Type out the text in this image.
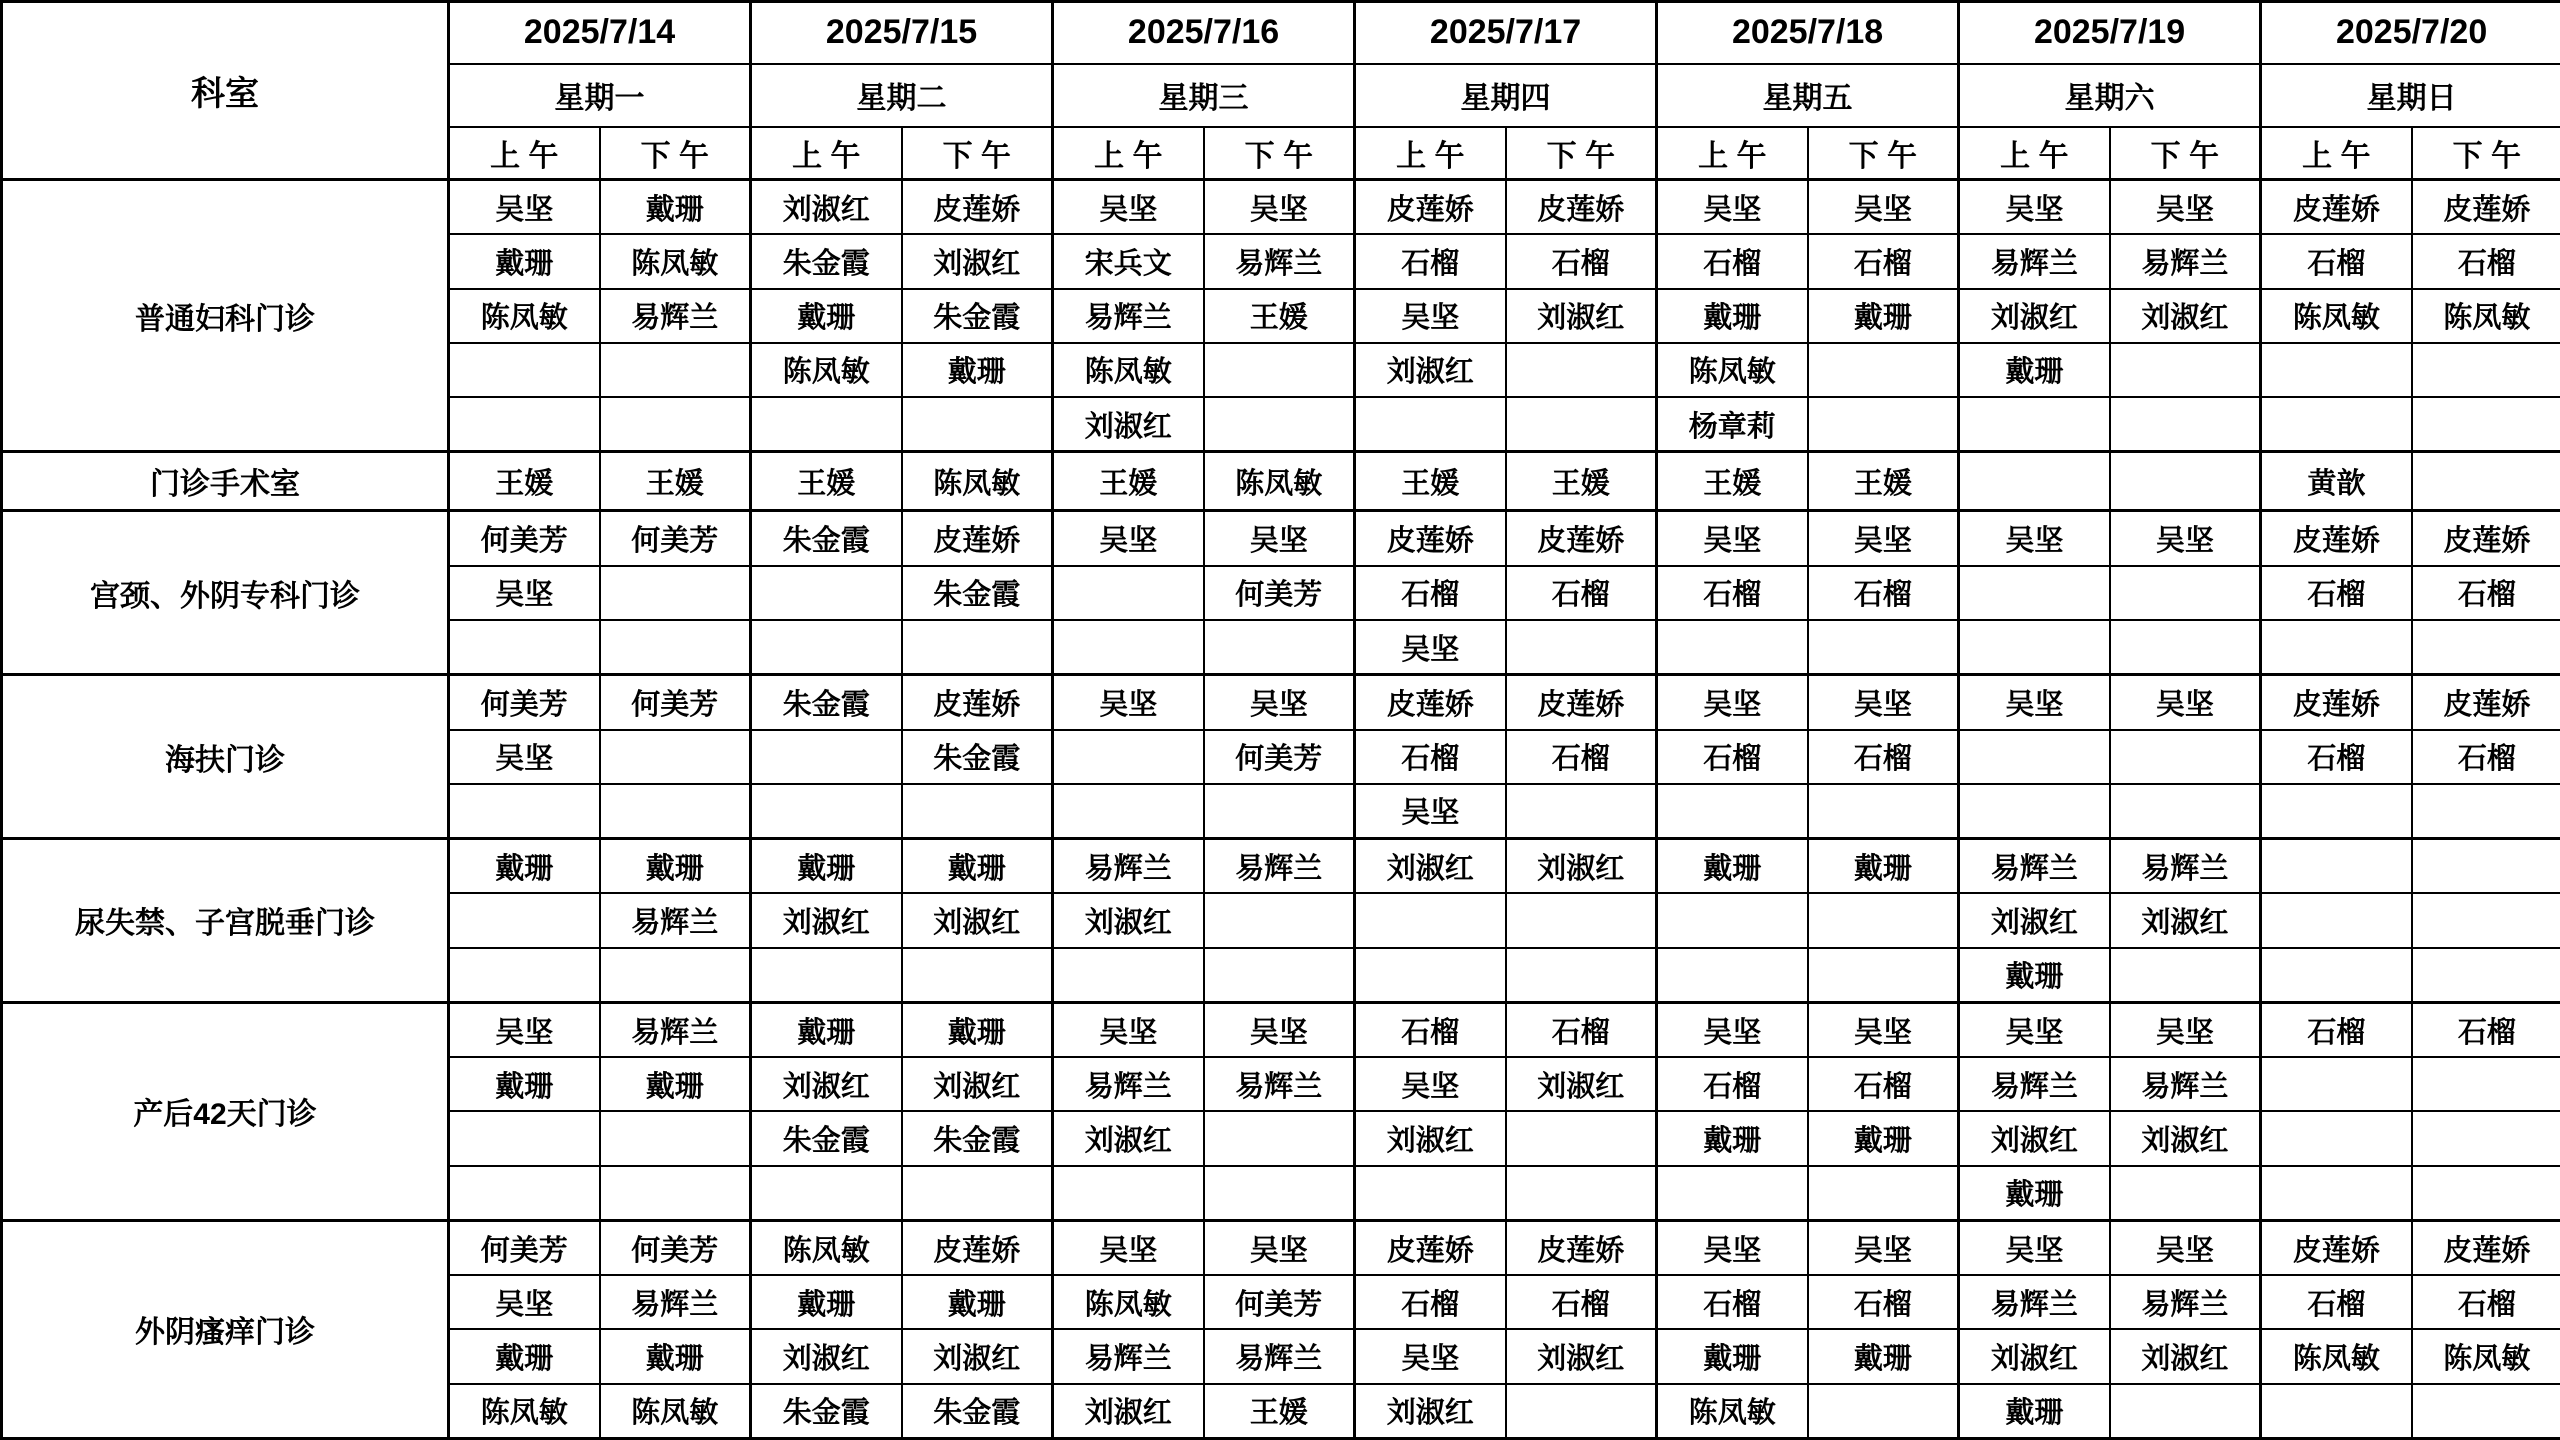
科室	2025/7/14		2025/7/15		2025/7/16		2025/7/17		2025/7/18		2025/7/19		2025/7/20	
	星期一		星期二		星期三		星期四		星期五		星期六		星期日	
	上 午	下 午	上 午	下 午	上 午	下 午	上 午	下 午	上 午	下 午	上 午	下 午	上 午	下 午
普通妇科门诊	吴坚	戴珊	刘淑红	皮莲娇	吴坚	吴坚	皮莲娇	皮莲娇	吴坚	吴坚	吴坚	吴坚	皮莲娇	皮莲娇
	戴珊	陈凤敏	朱金霞	刘淑红	宋兵文	易辉兰	石榴	石榴	石榴	石榴	易辉兰	易辉兰	石榴	石榴
	陈凤敏	易辉兰	戴珊	朱金霞	易辉兰	王媛	吴坚	刘淑红	戴珊	戴珊	刘淑红	刘淑红	陈凤敏	陈凤敏
			陈凤敏	戴珊	陈凤敏		刘淑红		陈凤敏		戴珊			
					刘淑红				杨章莉					
门诊手术室	王媛	王媛	王媛	陈凤敏	王媛	陈凤敏	王媛	王媛	王媛	王媛			黄歆	
宫颈、外阴专科门诊	何美芳	何美芳	朱金霞	皮莲娇	吴坚	吴坚	皮莲娇	皮莲娇	吴坚	吴坚	吴坚	吴坚	皮莲娇	皮莲娇
	吴坚			朱金霞		何美芳	石榴	石榴	石榴	石榴			石榴	石榴
							吴坚							
海扶门诊	何美芳	何美芳	朱金霞	皮莲娇	吴坚	吴坚	皮莲娇	皮莲娇	吴坚	吴坚	吴坚	吴坚	皮莲娇	皮莲娇
	吴坚			朱金霞		何美芳	石榴	石榴	石榴	石榴			石榴	石榴
							吴坚							
尿失禁、子宫脱垂门诊	戴珊	戴珊	戴珊	戴珊	易辉兰	易辉兰	刘淑红	刘淑红	戴珊	戴珊	易辉兰	易辉兰		
		易辉兰	刘淑红	刘淑红	刘淑红						刘淑红	刘淑红		
											戴珊			
产后42天门诊	吴坚	易辉兰	戴珊	戴珊	吴坚	吴坚	石榴	石榴	吴坚	吴坚	吴坚	吴坚	石榴	石榴
	戴珊	戴珊	刘淑红	刘淑红	易辉兰	易辉兰	吴坚	刘淑红	石榴	石榴	易辉兰	易辉兰		
			朱金霞	朱金霞	刘淑红		刘淑红		戴珊	戴珊	刘淑红	刘淑红		
											戴珊			
外阴瘙痒门诊	何美芳	何美芳	陈凤敏	皮莲娇	吴坚	吴坚	皮莲娇	皮莲娇	吴坚	吴坚	吴坚	吴坚	皮莲娇	皮莲娇
	吴坚	易辉兰	戴珊	戴珊	陈凤敏	何美芳	石榴	石榴	石榴	石榴	易辉兰	易辉兰	石榴	石榴
	戴珊	戴珊	刘淑红	刘淑红	易辉兰	易辉兰	吴坚	刘淑红	戴珊	戴珊	刘淑红	刘淑红	陈凤敏	陈凤敏
	陈凤敏	陈凤敏	朱金霞	朱金霞	刘淑红	王媛	刘淑红		陈凤敏		戴珊			
